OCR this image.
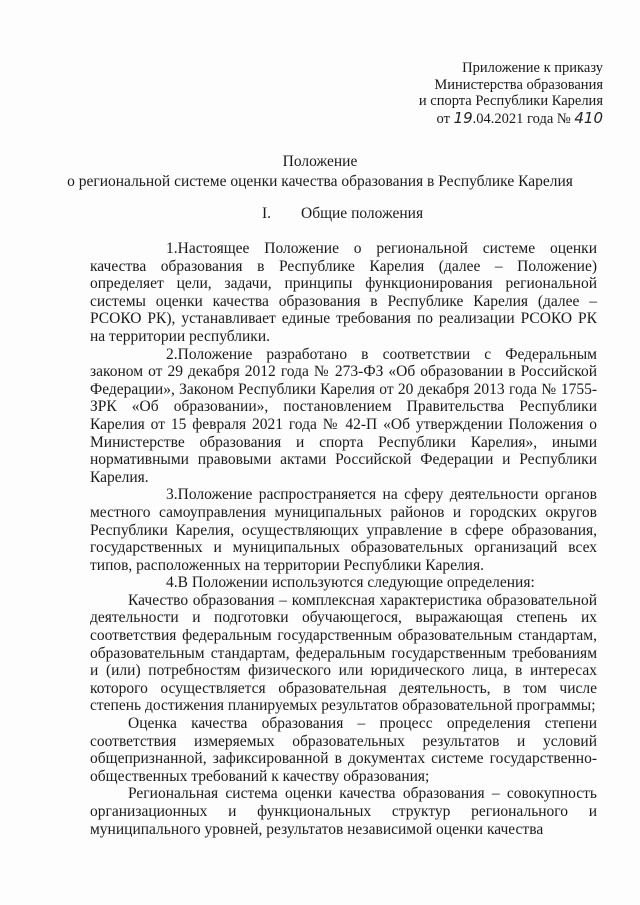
Приложение к приказу
Министерства образования
и спорта Республики Карелия
от 19.04.2021 года № 410
Положение
о региональной системе оценки качества образования в Республике Карелия
I. Общие положения

1.Настоящее Положение о региональной системе оценки качества образования в Республике Карелия (далее – Положение) определяет цели, задачи, принципы функционирования региональной системы оценки качества образования в Республике Карелия (далее – РСОКО РК), устанавливает единые требования по реализации РСОКО РК на территории республики.

2.Положение разработано в соответствии с Федеральным законом от 29 декабря 2012 года № 273-ФЗ «Об образовании в Российской Федерации», Законом Республики Карелия от 20 декабря 2013 года № 1755-ЗРК «Об образовании», постановлением Правительства Республики Карелия от 15 февраля 2021 года № 42-П «Об утверждении Положения о Министерстве образования и спорта Республики Карелия», иными нормативными правовыми актами Российской Федерации и Республики Карелия.

3.Положение распространяется на сферу деятельности органов местного самоуправления муниципальных районов и городских округов Республики Карелия, осуществляющих управление в сфере образования, государственных и муниципальных образовательных организаций всех типов, расположенных на территории Республики Карелия.

4.В Положении используются следующие определения:

Качество образования – комплексная характеристика образовательной деятельности и подготовки обучающегося, выражающая степень их соответствия федеральным государственным образовательным стандартам, образовательным стандартам, федеральным государственным требованиям и (или) потребностям физического или юридического лица, в интересах которого осуществляется образовательная деятельность, в том числе степень достижения планируемых результатов образовательной программы;

Оценка качества образования – процесс определения степени соответствия измеряемых образовательных результатов и условий общепризнанной, зафиксированной в документах системе государственно-общественных требований к качеству образования;

Региональная система оценки качества образования – совокупность организационных и функциональных структур регионального и муниципального уровней, результатов независимой оценки качества
